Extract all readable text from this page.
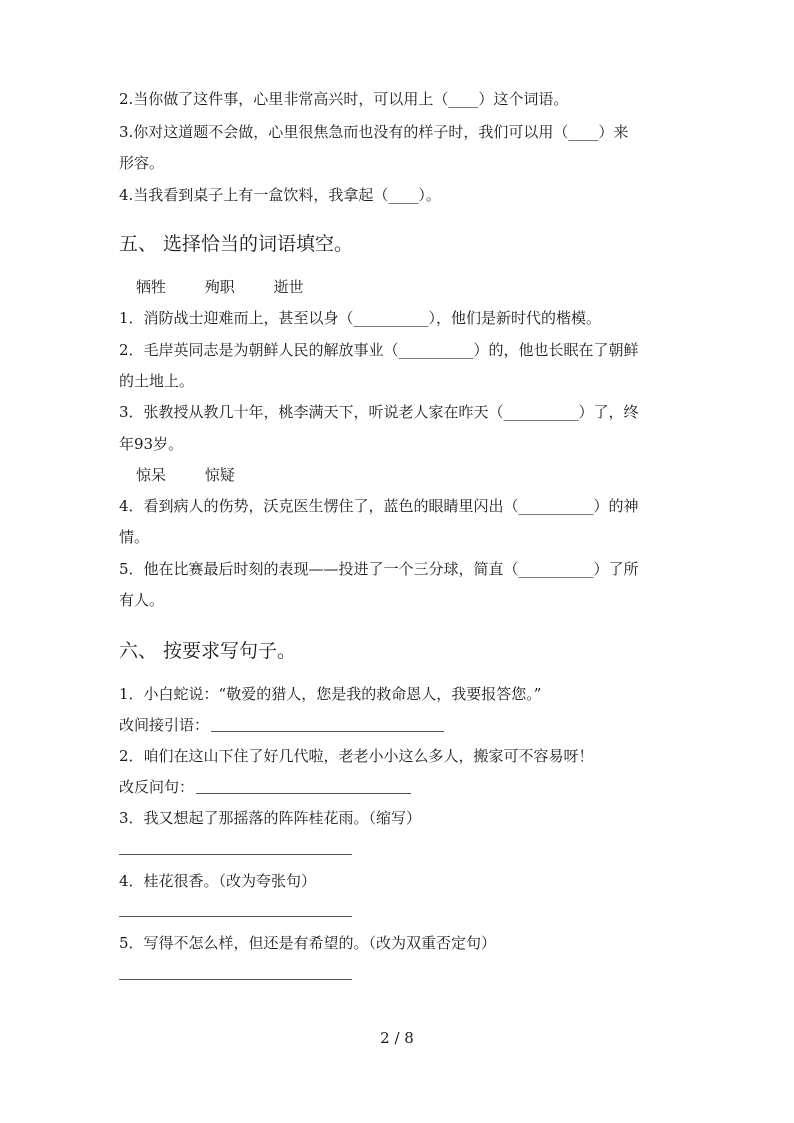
2.当你做了这件事，心里非常高兴时，可以用上（____）这个词语。
3.你对这道题不会做，心里很焦急而也没有的样子时，我们可以用（____）来
形容。
4.当我看到桌子上有一盒饮料，我拿起（____）。
五、 选择恰当的词语填空。
牺牲	殉职	逝世
1．消防战士迎难而上，甚至以身（__________），他们是新时代的楷模。
2．毛岸英同志是为朝鲜人民的解放事业（__________）的，他也长眠在了朝鲜
的土地上。
3．张教授从教几十年，桃李满天下，听说老人家在昨天（__________）了，终
年93岁。
惊呆	惊疑
4．看到病人的伤势，沃克医生愣住了，蓝色的眼睛里闪出（__________）的神
情。
5．他在比赛最后时刻的表现——投进了一个三分球，简直（__________）了所
有人。
六、 按要求写句子。
1．小白蛇说：“敬爱的猎人，您是我的救命恩人，我要报答您。”
改间接引语：
2．咱们在这山下住了好几代啦，老老小小这么多人，搬家可不容易呀！
改反问句：
3．我又想起了那摇落的阵阵桂花雨。（缩写）
4．桂花很香。（改为夸张句）
5．写得不怎么样，但还是有希望的。（改为双重否定句）
2 / 8
